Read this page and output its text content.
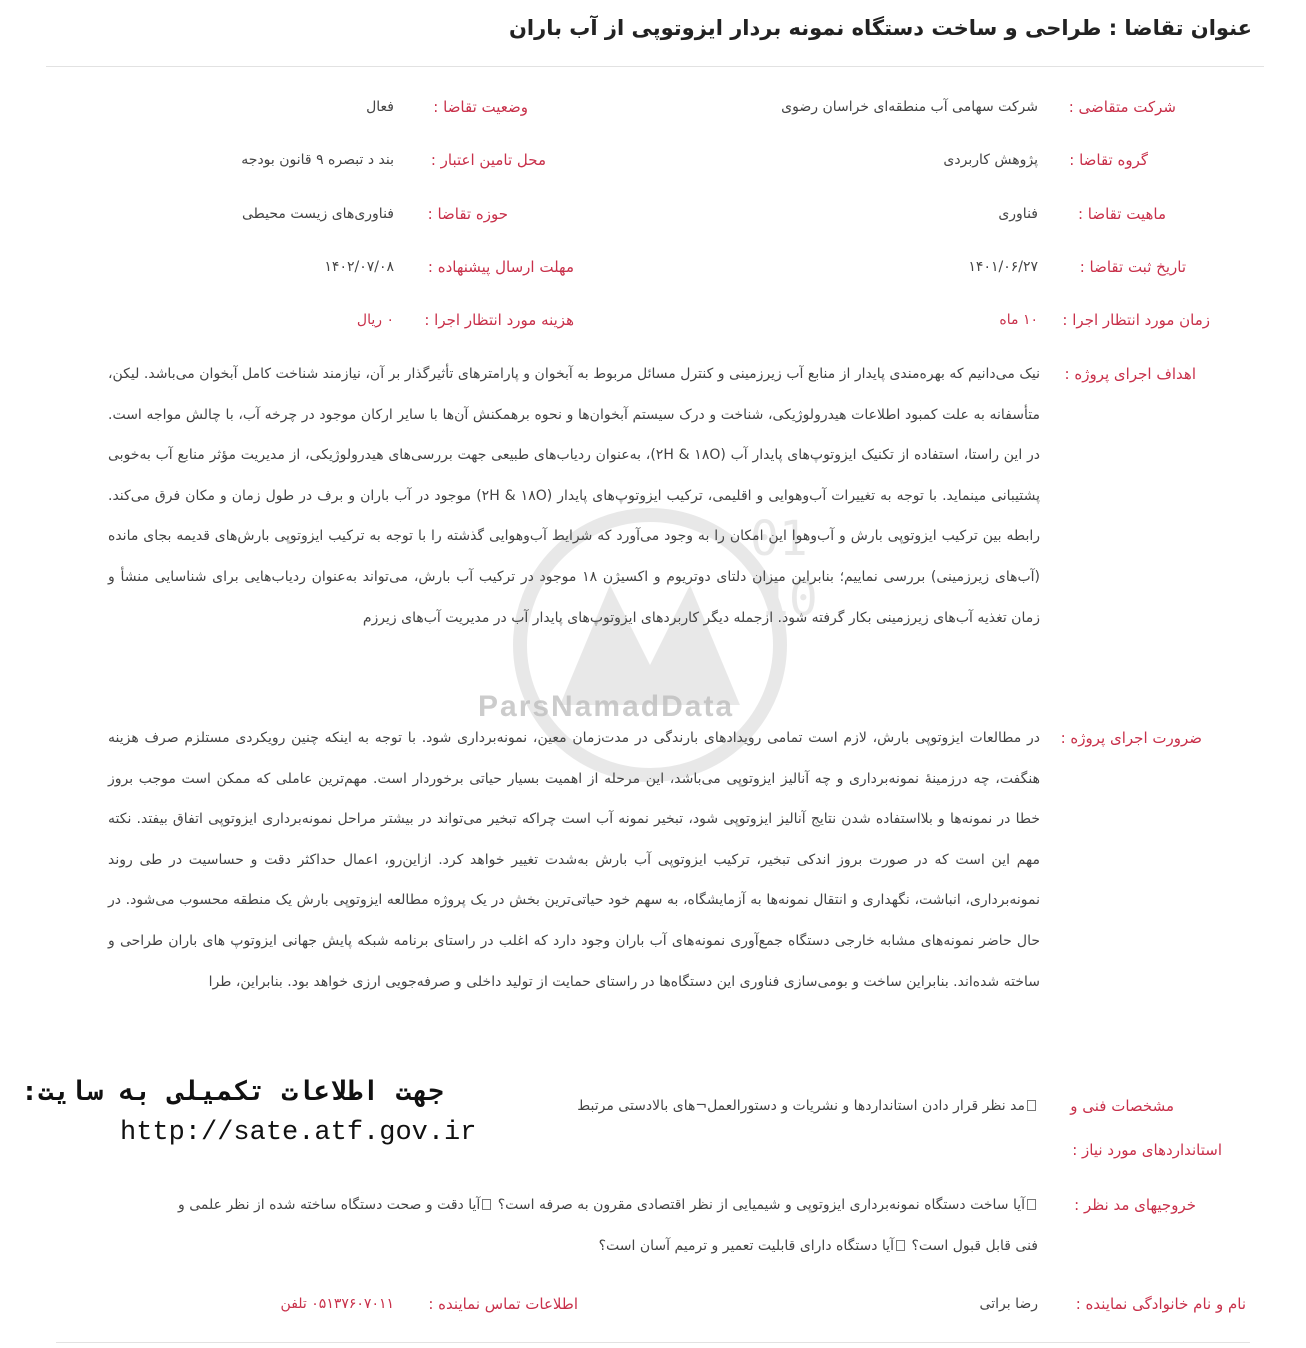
عنوان تقاضا : طراحی و ساخت دستگاه نمونه بردار ایزوتوپی از آب باران
01
10
ParsNamadData
شرکت متقاضی :
شرکت سهامی آب منطقه‌ای خراسان رضوی
وضعیت تقاضا :
فعال
گروه تقاضا :
پژوهش کاربردی
محل تامین اعتبار :
بند د تبصره ۹ قانون بودجه
ماهیت تقاضا :
فناوری
حوزه تقاضا :
فناوری‌های زیست محیطی
تاریخ ثبت تقاضا :
۱۴۰۱/۰۶/۲۷
مهلت ارسال پیشنهاده :
۱۴۰۲/۰۷/۰۸
زمان مورد انتظار اجرا :
۱۰ ماه
هزینه مورد انتظار اجرا :
۰ ریال
اهداف اجرای پروژه :
نیک می‌دانیم که بهره‌مندی پایدار از منابع آب زیرزمینی و کنترل مسائل مربوط به آبخوان و پارامترهای تأثیرگذار بر آن، نیازمند شناخت کامل آبخوان می‌باشد. لیکن، متأسفانه به علت کمبود اطلاعات هیدرولوژیکی، شناخت و درک سیستم آبخوان‌ها و نحوه برهمکنش آن‌ها با سایر ارکان موجود در چرخه آب، با چالش مواجه است. در این راستا، استفاده از تکنیک ایزوتوپ‌های پایدار آب (۲H & ۱۸O)، به‌عنوان ردیاب‌های طبیعی جهت بررسی‌های هیدرولوژیکی، از مدیریت مؤثر منابع آب به‌خوبی پشتیبانی مینماید. با توجه به تغییرات آب‌وهوایی و اقلیمی، ترکیب ایزوتوپ‌های پایدار (۲H & ۱۸O) موجود در آب باران و برف در طول زمان و مکان فرق می‌کند. رابطه بین ترکیب ایزوتوپی بارش و آب‌وهوا این امکان را به وجود می‌آورد که شرایط آب‌وهوایی گذشته را با توجه به ترکیب ایزوتوپی بارش‌های قدیمه بجای مانده (آب‌های زیرزمینی) بررسی نماییم؛ بنابراین میزان دلتای دوتریوم و اکسیژن ۱۸ موجود در ترکیب آب بارش، می‌تواند به‌عنوان ردیاب‌هایی برای شناسایی منشأ و زمان تغذیه آب‌های زیرزمینی بکار گرفته شود. ازجمله دیگر کاربردهای ایزوتوپ‌های پایدار آب در مدیریت آب‌های زیرزم
ضرورت اجرای پروژه :
در مطالعات ایزوتوپی بارش، لازم است تمامی رویدادهای بارندگی در مدت‌زمان معین، نمونه‌برداری شود. با توجه به اینکه چنین رویکردی مستلزم صرف هزینه هنگفت، چه درزمینهٔ نمونه‌برداری و چه آنالیز ایزوتوپی می‌باشد، این مرحله از اهمیت بسیار حیاتی برخوردار است. مهم‌ترین عاملی که ممکن است موجب بروز خطا در نمونه‌ها و بلااستفاده شدن نتایج آنالیز ایزوتوپی شود، تبخیر نمونه آب است چراکه تبخیر می‌تواند در بیشتر مراحل نمونه‌برداری ایزوتوپی اتفاق بیفتد. نکته مهم این است که در صورت بروز اندکی تبخیر، ترکیب ایزوتوپی آب بارش به‌شدت تغییر خواهد کرد. ازاین‌رو، اعمال حداکثر دقت و حساسیت در طی روند نمونه‌برداری، انباشت، نگهداری و انتقال نمونه‌ها به آزمایشگاه، به سهم خود حیاتی‌ترین بخش در یک پروژه مطالعه ایزوتوپی بارش یک منطقه محسوب می‌شود. در حال حاضر نمونه‌های مشابه خارجی دستگاه جمع‌آوری نمونه‌های آب باران وجود دارد که اغلب در راستای برنامه شبکه پایش جهانی ایزوتوپ های باران طراحی و ساخته شده‌اند. بنابراین ساخت و بومی‌سازی فناوری این دستگاه‌ها در راستای حمایت از تولید داخلی و صرفه‌جویی ارزی خواهد بود. بنابراین، طرا
مشخصات فنی و
استانداردهای مورد نیاز :
مد نظر قرار دادن استانداردها و نشریات و دستورالعمل¬های بالادستی مرتبط
جهت اطلاعات تکمیلی به سایت:
http://sate.atf.gov.ir
خروجیهای مد نظر :
آیا ساخت دستگاه نمونه‌برداری ایزوتوپی و شیمیایی از نظر اقتصادی مقرون به صرفه است؟ آیا دقت و صحت دستگاه ساخته شده از نظر علمی و
فنی قابل قبول است؟ آیا دستگاه دارای قابلیت تعمیر و ترمیم آسان است؟
نام و نام خانوادگی نماینده :
رضا براتی
اطلاعات تماس نماینده :
۰۵۱۳۷۶۰۷۰۱۱ تلفن
